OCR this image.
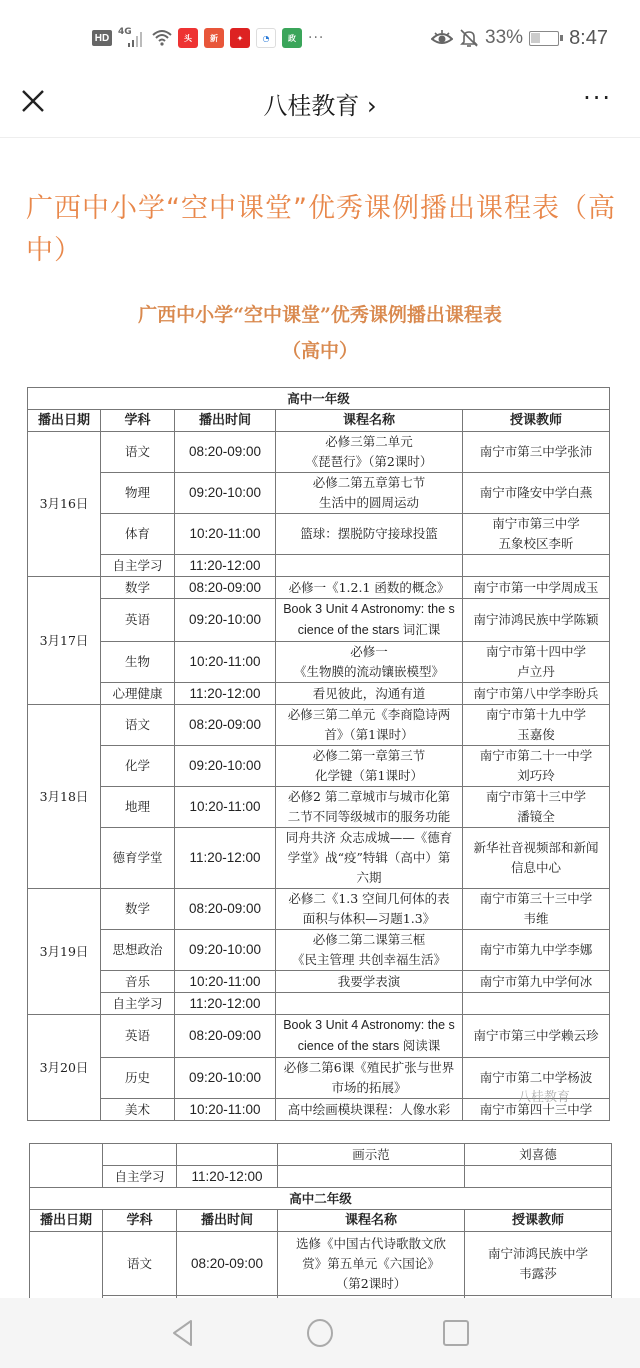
HD
4G
头	新	✦	◔	政 ···	33% 8:47
八桂教育 ›	···
广西中小学“空中课堂”优秀课例播出课程表（高中）
广西中小学“空中课堂”优秀课例播出课程表
（高中）
高中一年级				
播出日期	学科	播出时间	课程名称	授课教师
3月16日	语文	08:20-09:00	必修三第二单元
《琵琶行》（第2课时）	南宁市第三中学张沛
	物理	09:20-10:00	必修二第五章第七节
生活中的圆周运动	南宁市隆安中学白燕
	体育	10:20-11:00	篮球：摆脱防守接球投篮	南宁市第三中学
五象校区李昕
	自主学习	11:20-12:00		
3月17日	数学	08:20-09:00	必修一《1.2.1 函数的概念》	南宁市第一中学周成玉
	英语	09:20-10:00	Book 3 Unit 4 Astronomy: the s
cience of the stars 词汇课	南宁沛鸿民族中学陈颖
	生物	10:20-11:00	必修一
《生物膜的流动镶嵌模型》	南宁市第十四中学
卢立丹
	心理健康	11:20-12:00	看见彼此，沟通有道	南宁市第八中学李盼兵
3月18日	语文	08:20-09:00	必修三第二单元《李商隐诗两
首》（第1课时）	南宁市第十九中学
玉嘉俊
	化学	09:20-10:00	必修二第一章第三节
化学键（第1课时）	南宁市第二十一中学
刘巧玲
	地理	10:20-11:00	必修2 第二章城市与城市化第
二节不同等级城市的服务功能	南宁市第十三中学
潘镜全
	德育学堂	11:20-12:00	同舟共济 众志成城——《德育
学堂》战“疫”特辑（高中）第
六期	新华社音视频部和新闻
信息中心
3月19日	数学	08:20-09:00	必修二《1.3 空间几何体的表
面积与体积—习题1.3》	南宁市第三十三中学
韦维
	思想政治	09:20-10:00	必修二第二课第三框
《民主管理 共创幸福生活》	南宁市第九中学李娜
	音乐	10:20-11:00	我要学表演	南宁市第九中学何冰
	自主学习	11:20-12:00		
3月20日	英语	08:20-09:00	Book 3 Unit 4 Astronomy: the s
cience of the stars 阅读课	南宁市第三中学赖云珍
	历史	09:20-10:00	必修二第6课《殖民扩张与世界
市场的拓展》	南宁市第二中学杨波
	美术	10:20-11:00	高中绘画模块课程：人像水彩	南宁市第四十三中学
八桂教育
			画示范	刘喜德
	自主学习	11:20-12:00		
高中二年级				
播出日期	学科	播出时间	课程名称	授课教师
	语文	08:20-09:00	选修《中国古代诗歌散文欣
赏》第五单元《六国论》
（第2课时）	南宁沛鸿民族中学
韦露莎
